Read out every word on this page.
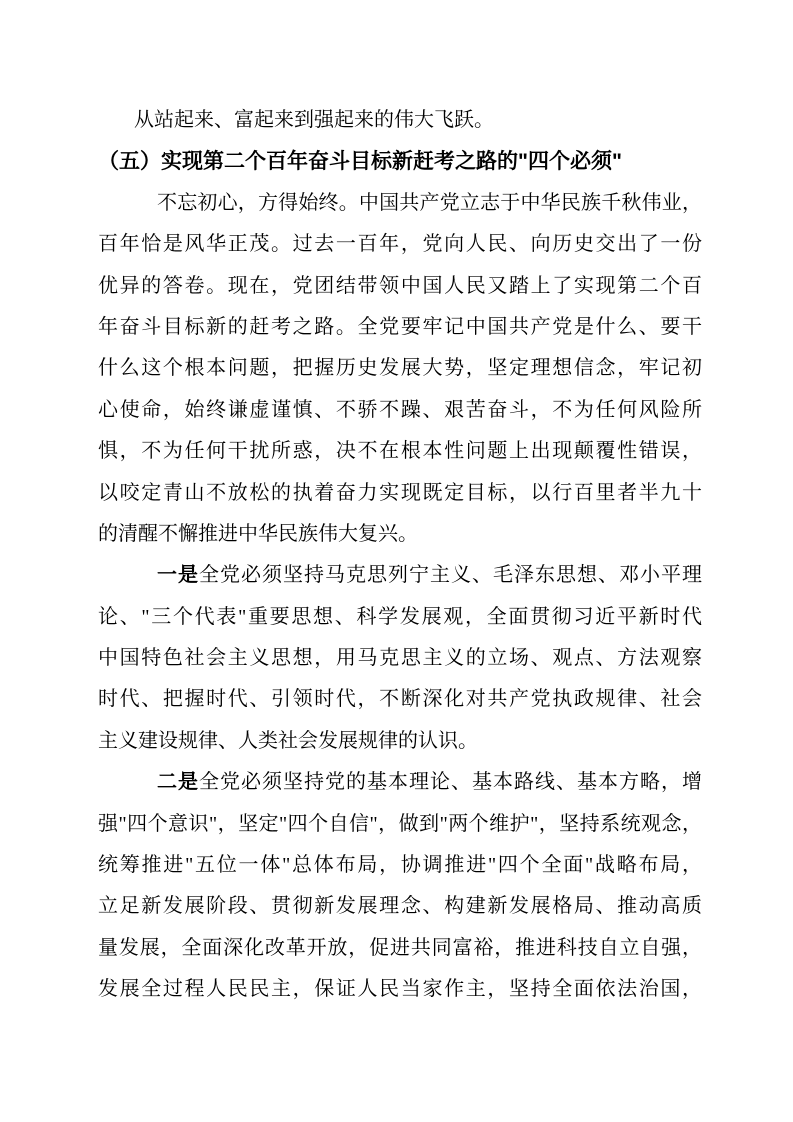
从站起来、富起来到强起来的伟大飞跃。
（五）实现第二个百年奋斗目标新赶考之路的"四个必须"
不忘初心，方得始终。中国共产党立志于中华民族千秋伟业，
百年恰是风华正茂。过去一百年，党向人民、向历史交出了一份
优异的答卷。现在，党团结带领中国人民又踏上了实现第二个百
年奋斗目标新的赶考之路。全党要牢记中国共产党是什么、要干
什么这个根本问题，把握历史发展大势，坚定理想信念，牢记初
心使命，始终谦虚谨慎、不骄不躁、艰苦奋斗，不为任何风险所
惧，不为任何干扰所惑，决不在根本性问题上出现颠覆性错误，
以咬定青山不放松的执着奋力实现既定目标，以行百里者半九十
的清醒不懈推进中华民族伟大复兴。
一是全党必须坚持马克思列宁主义、毛泽东思想、邓小平理
论、"三个代表"重要思想、科学发展观，全面贯彻习近平新时代
中国特色社会主义思想，用马克思主义的立场、观点、方法观察
时代、把握时代、引领时代，不断深化对共产党执政规律、社会
主义建设规律、人类社会发展规律的认识。
二是全党必须坚持党的基本理论、基本路线、基本方略，增
强"四个意识"，坚定"四个自信"，做到"两个维护"，坚持系统观念，
统筹推进"五位一体"总体布局，协调推进"四个全面"战略布局，
立足新发展阶段、贯彻新发展理念、构建新发展格局、推动高质
量发展，全面深化改革开放，促进共同富裕，推进科技自立自强，
发展全过程人民民主，保证人民当家作主，坚持全面依法治国，
